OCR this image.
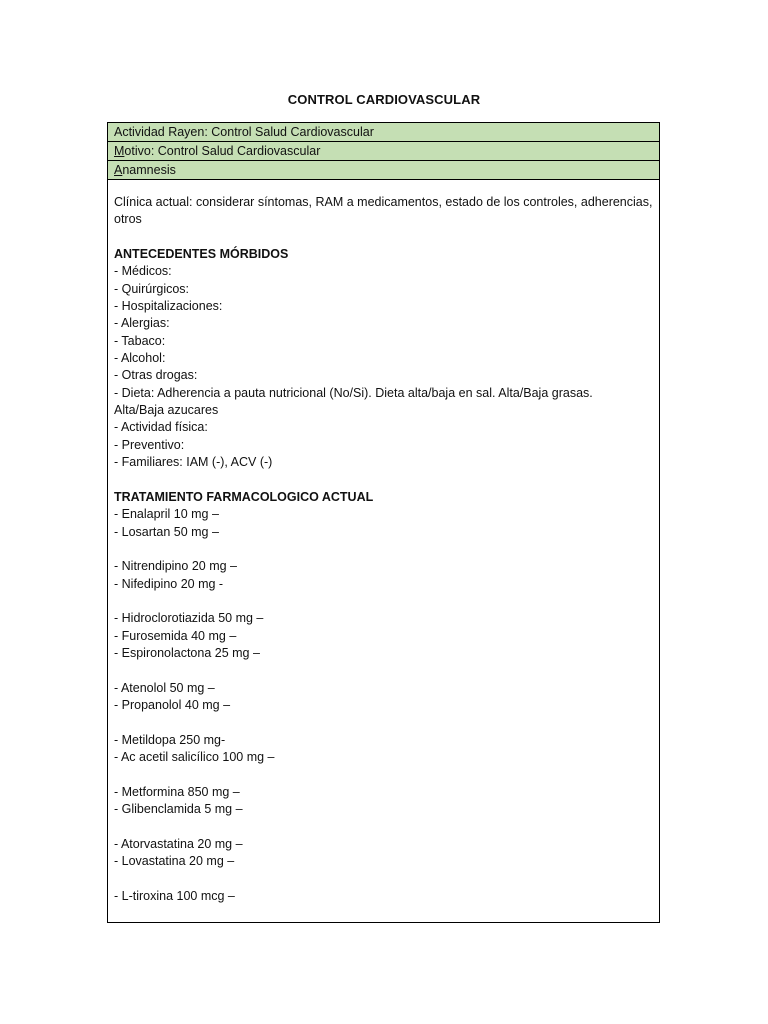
CONTROL CARDIOVASCULAR
Actividad Rayen: Control Salud Cardiovascular
Motivo: Control Salud Cardiovascular
Anamnesis
Clínica actual: considerar síntomas, RAM a medicamentos, estado de los controles, adherencias, otros
ANTECEDENTES MÓRBIDOS
- Médicos:
- Quirúrgicos:
- Hospitalizaciones:
- Alergias:
- Tabaco:
- Alcohol:
- Otras drogas:
- Dieta: Adherencia a pauta nutricional (No/Si). Dieta alta/baja en sal. Alta/Baja grasas.
Alta/Baja azucares
- Actividad física:
- Preventivo:
- Familiares: IAM (-), ACV (-)
TRATAMIENTO FARMACOLOGICO ACTUAL
- Enalapril 10 mg –
- Losartan 50 mg –
- Nitrendipino 20 mg –
- Nifedipino 20 mg -
- Hidroclorotiazida 50 mg –
- Furosemida 40 mg –
- Espironolactona 25 mg –
- Atenolol 50 mg –
- Propanolol 40 mg –
- Metildopa 250 mg-
- Ac acetil salicílico 100 mg –
- Metformina 850 mg –
- Glibenclamida 5 mg –
- Atorvastatina 20 mg –
- Lovastatina 20 mg –
- L-tiroxina 100 mcg –
